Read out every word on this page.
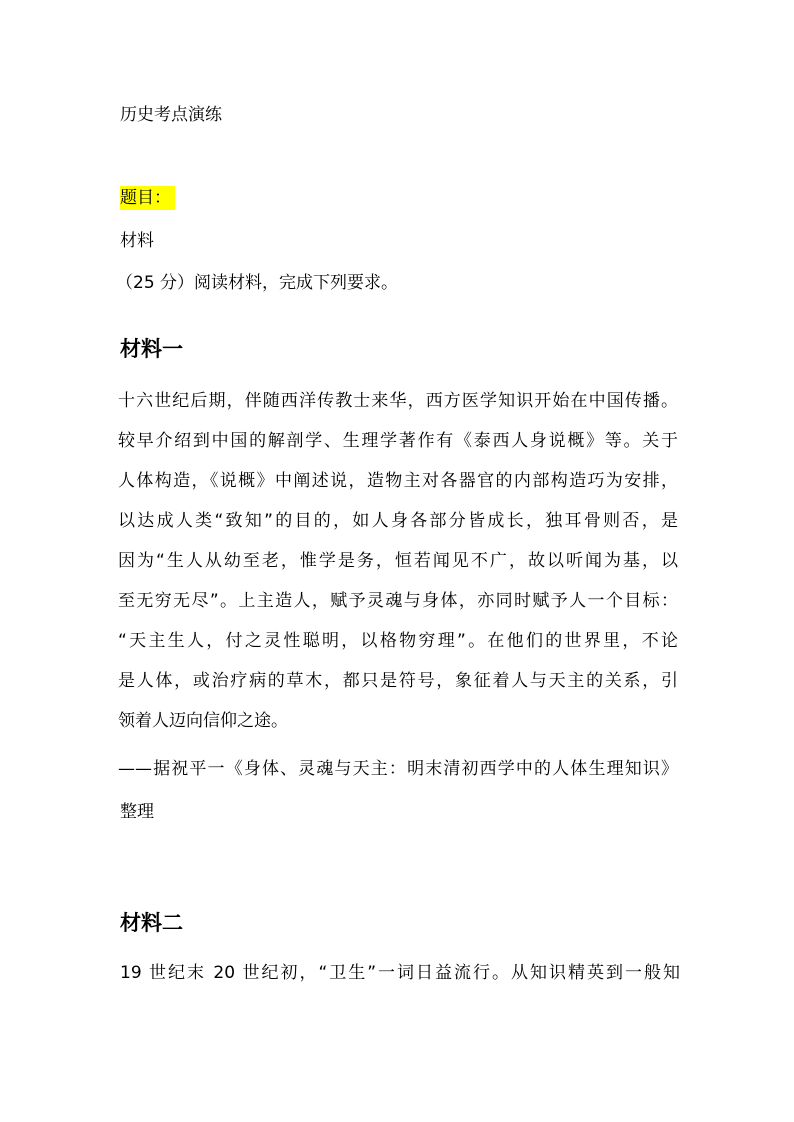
历史考点演练
题目：
材料
（25 分）阅读材料，完成下列要求。
材料一
十六世纪后期，伴随西洋传教士来华，西方医学知识开始在中国传播。
较早介绍到中国的解剖学、生理学著作有《泰西人身说概》等。关于
人体构造，《说概》中阐述说，造物主对各器官的内部构造巧为安排，
以达成人类“致知”的目的，如人身各部分皆成长，独耳骨则否，是
因为“生人从幼至老，惟学是务，恒若闻见不广，故以听闻为基，以
至无穷无尽”。上主造人，赋予灵魂与身体，亦同时赋予人一个目标：
“天主生人，付之灵性聪明，以格物穷理”。在他们的世界里，不论
是人体，或治疗病的草木，都只是符号，象征着人与天主的关系，引
领着人迈向信仰之途。
——据祝平一《身体、灵魂与天主：明末清初西学中的人体生理知识》
整理
材料二
19 世纪末 20 世纪初，“卫生”一词日益流行。从知识精英到一般知
